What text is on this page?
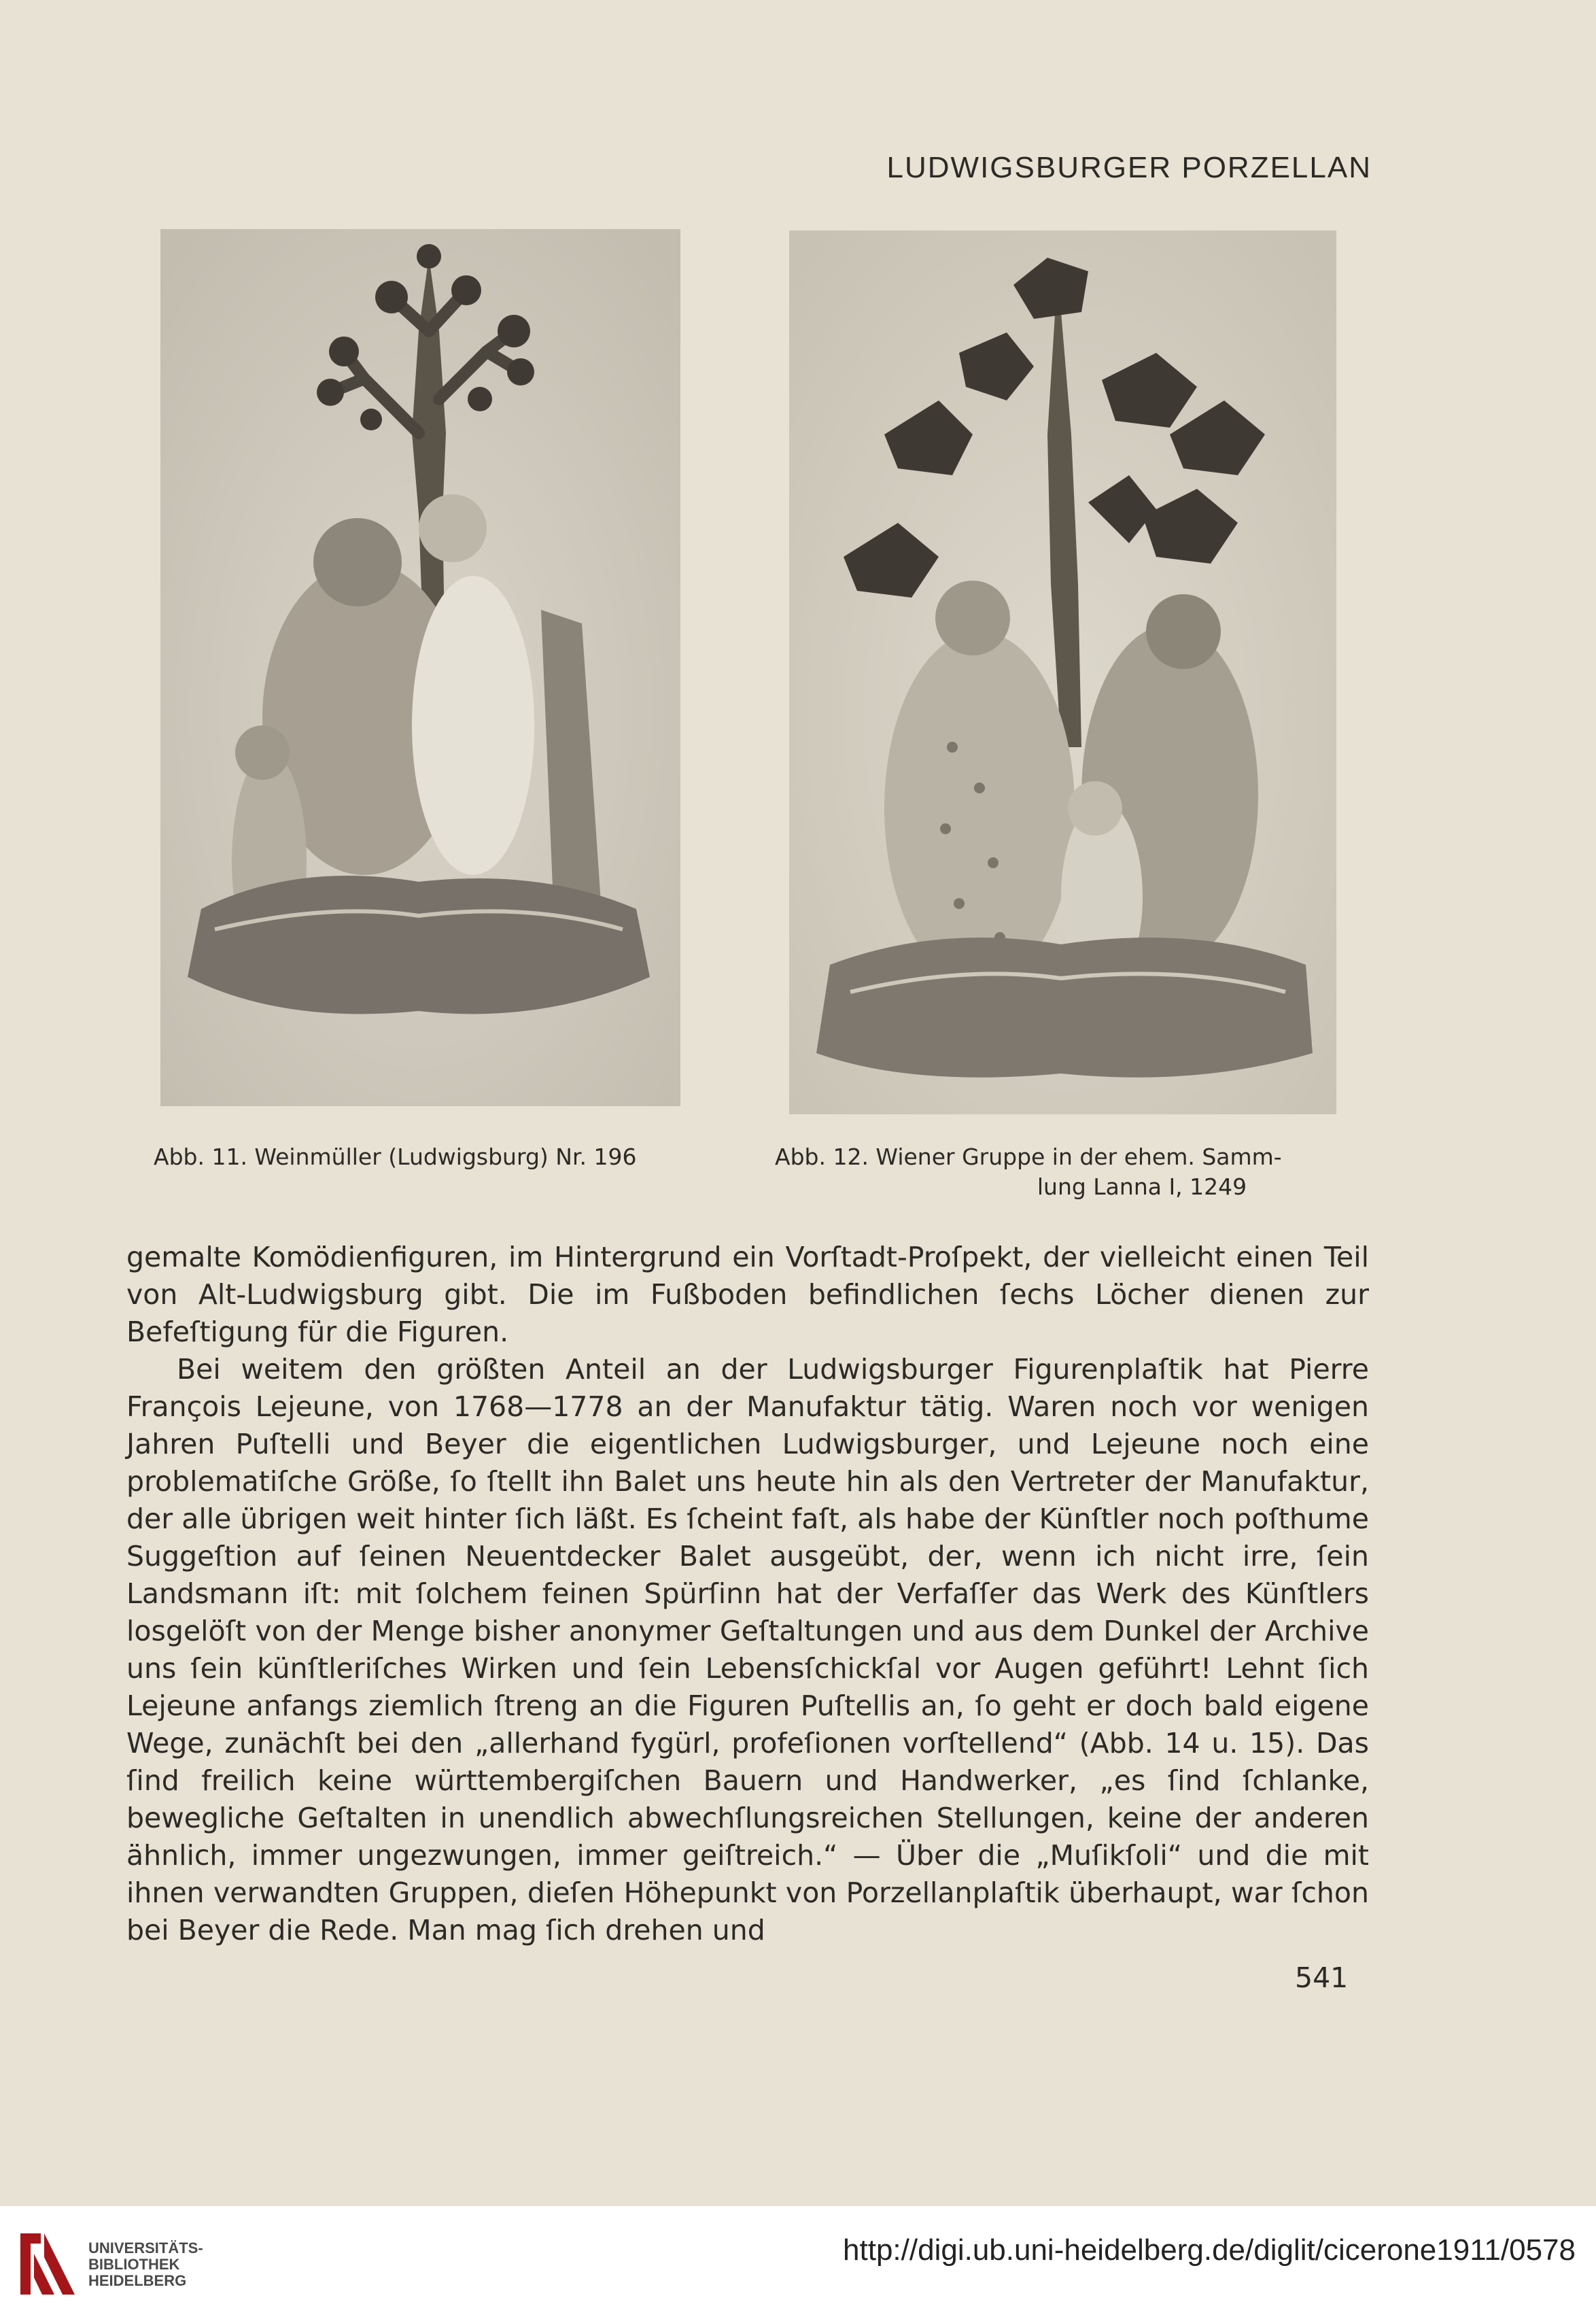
LUDWIGSBURGER PORZELLAN
Abb. 11. Weinmüller (Ludwigsburg) Nr. 196	Abb. 12. Wiener Gruppe in der ehem. Samm-
lung Lanna I, 1249

gemalte Komödienfiguren, im Hintergrund ein Vorſtadt-Proſpekt, der vielleicht einen Teil von Alt-Ludwigsburg gibt. Die im Fußboden befindlichen ſechs Löcher dienen zur Befeſtigung für die Figuren.

Bei weitem den größten Anteil an der Ludwigsburger Figurenplaſtik hat Pierre François Lejeune, von 1768—1778 an der Manufaktur tätig. Waren noch vor wenigen Jahren Puſtelli und Beyer die eigentlichen Ludwigsburger, und Lejeune noch eine problematiſche Größe, ſo ſtellt ihn Balet uns heute hin als den Vertreter der Manufaktur, der alle übrigen weit hinter ſich läßt. Es ſcheint faſt, als habe der Künſtler noch poſthume Suggeſtion auf ſeinen Neuentdecker Balet ausgeübt, der, wenn ich nicht irre, ſein Landsmann iſt: mit ſolchem feinen Spürſinn hat der Verfaſſer das Werk des Künſtlers losgelöſt von der Menge bisher anonymer Geſtaltungen und aus dem Dunkel der Archive uns ſein künſtleriſches Wirken und ſein Lebensſchickſal vor Augen geführt! Lehnt ſich Lejeune anfangs ziemlich ſtreng an die Figuren Puſtellis an, ſo geht er doch bald eigene Wege, zunächſt bei den „allerhand fygürl, profeſionen vorſtellend“ (Abb. 14 u. 15). Das ſind freilich keine württembergiſchen Bauern und Handwerker, „es ſind ſchlanke, bewegliche Geſtalten in unendlich abwechſlungsreichen Stellungen, keine der anderen ähnlich, immer ungezwungen, immer geiſtreich.“ — Über die „Muſikſoli“ und die mit ihnen verwandten Gruppen, dieſen Höhepunkt von Porzellanplaſtik überhaupt, war ſchon bei Beyer die Rede. Man mag ſich drehen und

541
UNIVERSITÄTS-
BIBLIOTHEK
HEIDELBERG
http://digi.ub.uni-heidelberg.de/diglit/cicerone1911/0578
